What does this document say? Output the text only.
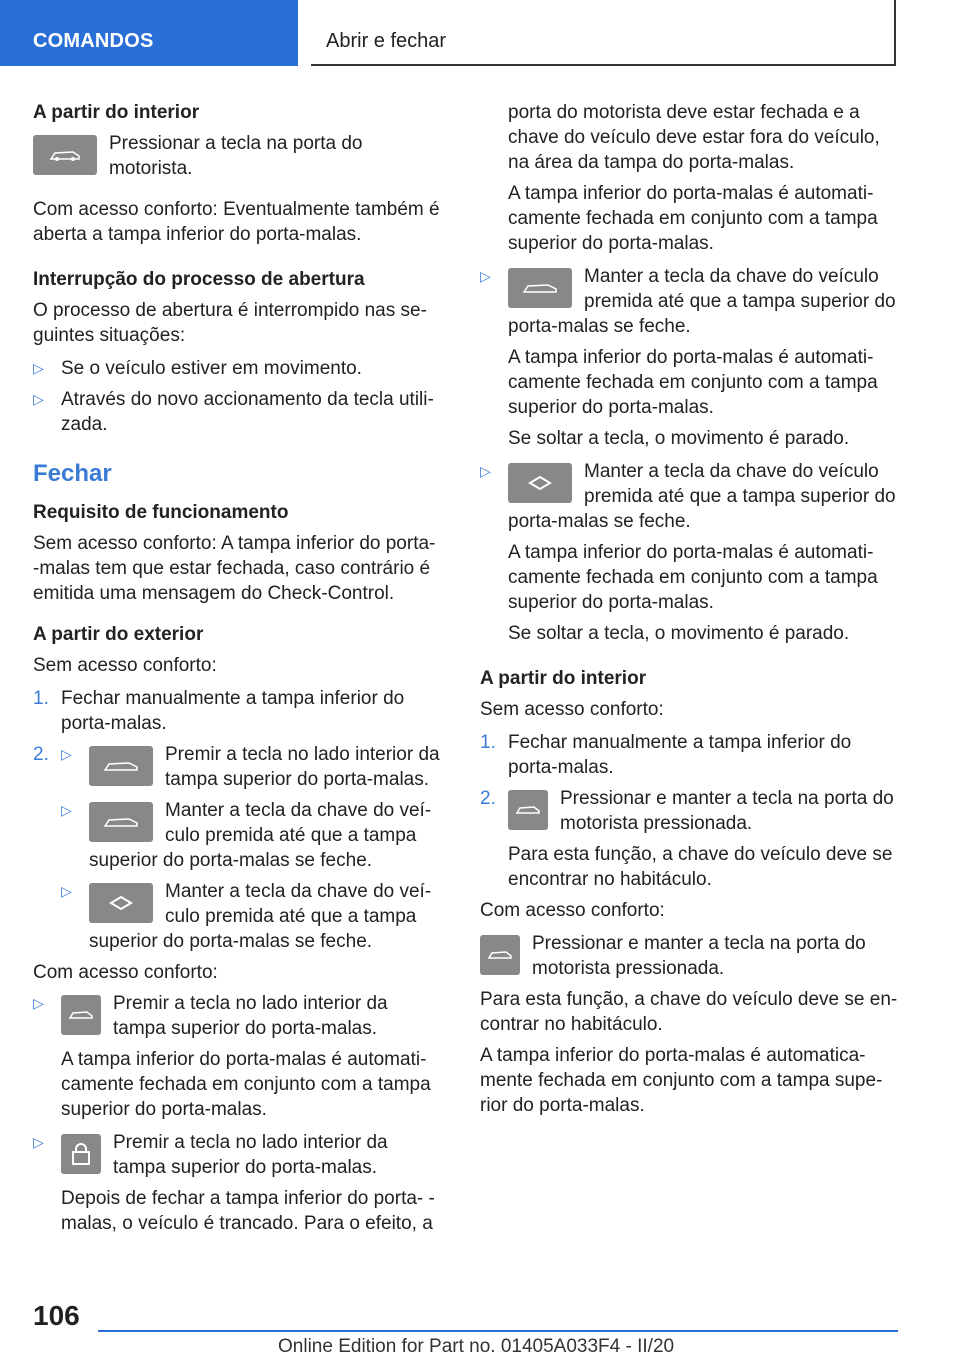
COMANDOS	Abrir e fechar

A partir do interior

Pressionar a tecla na porta do motorista.

Com acesso conforto: Eventualmente também é aberta a tampa inferior do porta-malas.

Interrupção do processo de abertura

O processo de abertura é interrompido nas se- guintes situações:

▷ Se o veículo estiver em movimento.
▷ Através do novo accionamento da tecla utili- zada.
Fechar

Requisito de funcionamento

Sem acesso conforto: A tampa inferior do porta- -malas tem que estar fechada, caso contrário é emitida uma mensagem do Check-Control.

A partir do exterior

Sem acesso conforto:

1. Fechar manualmente a tampa inferior do porta-malas.
2. ▷	Premir a tecla no lado interior da tampa superior do porta-malas.
▷	Manter a tecla da chave do veí- culo premida até que a tampa superior do porta-malas se feche.
▷	Manter a tecla da chave do veí- culo premida até que a tampa superior do porta-malas se feche.

Com acesso conforto:

▷	Premir a tecla no lado interior da tampa superior do porta-malas.

A tampa inferior do porta-malas é automati- camente fechada em conjunto com a tampa superior do porta-malas.

▷	Premir a tecla no lado interior da tampa superior do porta-malas.

Depois de fechar a tampa inferior do porta- -malas, o veículo é trancado. Para o efeito, a

porta do motorista deve estar fechada e a chave do veículo deve estar fora do veículo, na área da tampa do porta-malas.

A tampa inferior do porta-malas é automati- camente fechada em conjunto com a tampa superior do porta-malas.

▷	Manter a tecla da chave do veículo premida até que a tampa superior do porta-malas se feche.

A tampa inferior do porta-malas é automati- camente fechada em conjunto com a tampa superior do porta-malas.

Se soltar a tecla, o movimento é parado.

▷	Manter a tecla da chave do veículo premida até que a tampa superior do porta-malas se feche.

A tampa inferior do porta-malas é automati- camente fechada em conjunto com a tampa superior do porta-malas.

Se soltar a tecla, o movimento é parado.

A partir do interior

Sem acesso conforto:

1. Fechar manualmente a tampa inferior do porta-malas.
2.	Pressionar e manter a tecla na porta do motorista pressionada.

Para esta função, a chave do veículo deve se encontrar no habitáculo.

Com acesso conforto:

Pressionar e manter a tecla na porta do motorista pressionada.

Para esta função, a chave do veículo deve se en- contrar no habitáculo.

A tampa inferior do porta-malas é automatica- mente fechada em conjunto com a tampa supe- rior do porta-malas.

106
Online Edition for Part no. 01405A033F4 - II/20
